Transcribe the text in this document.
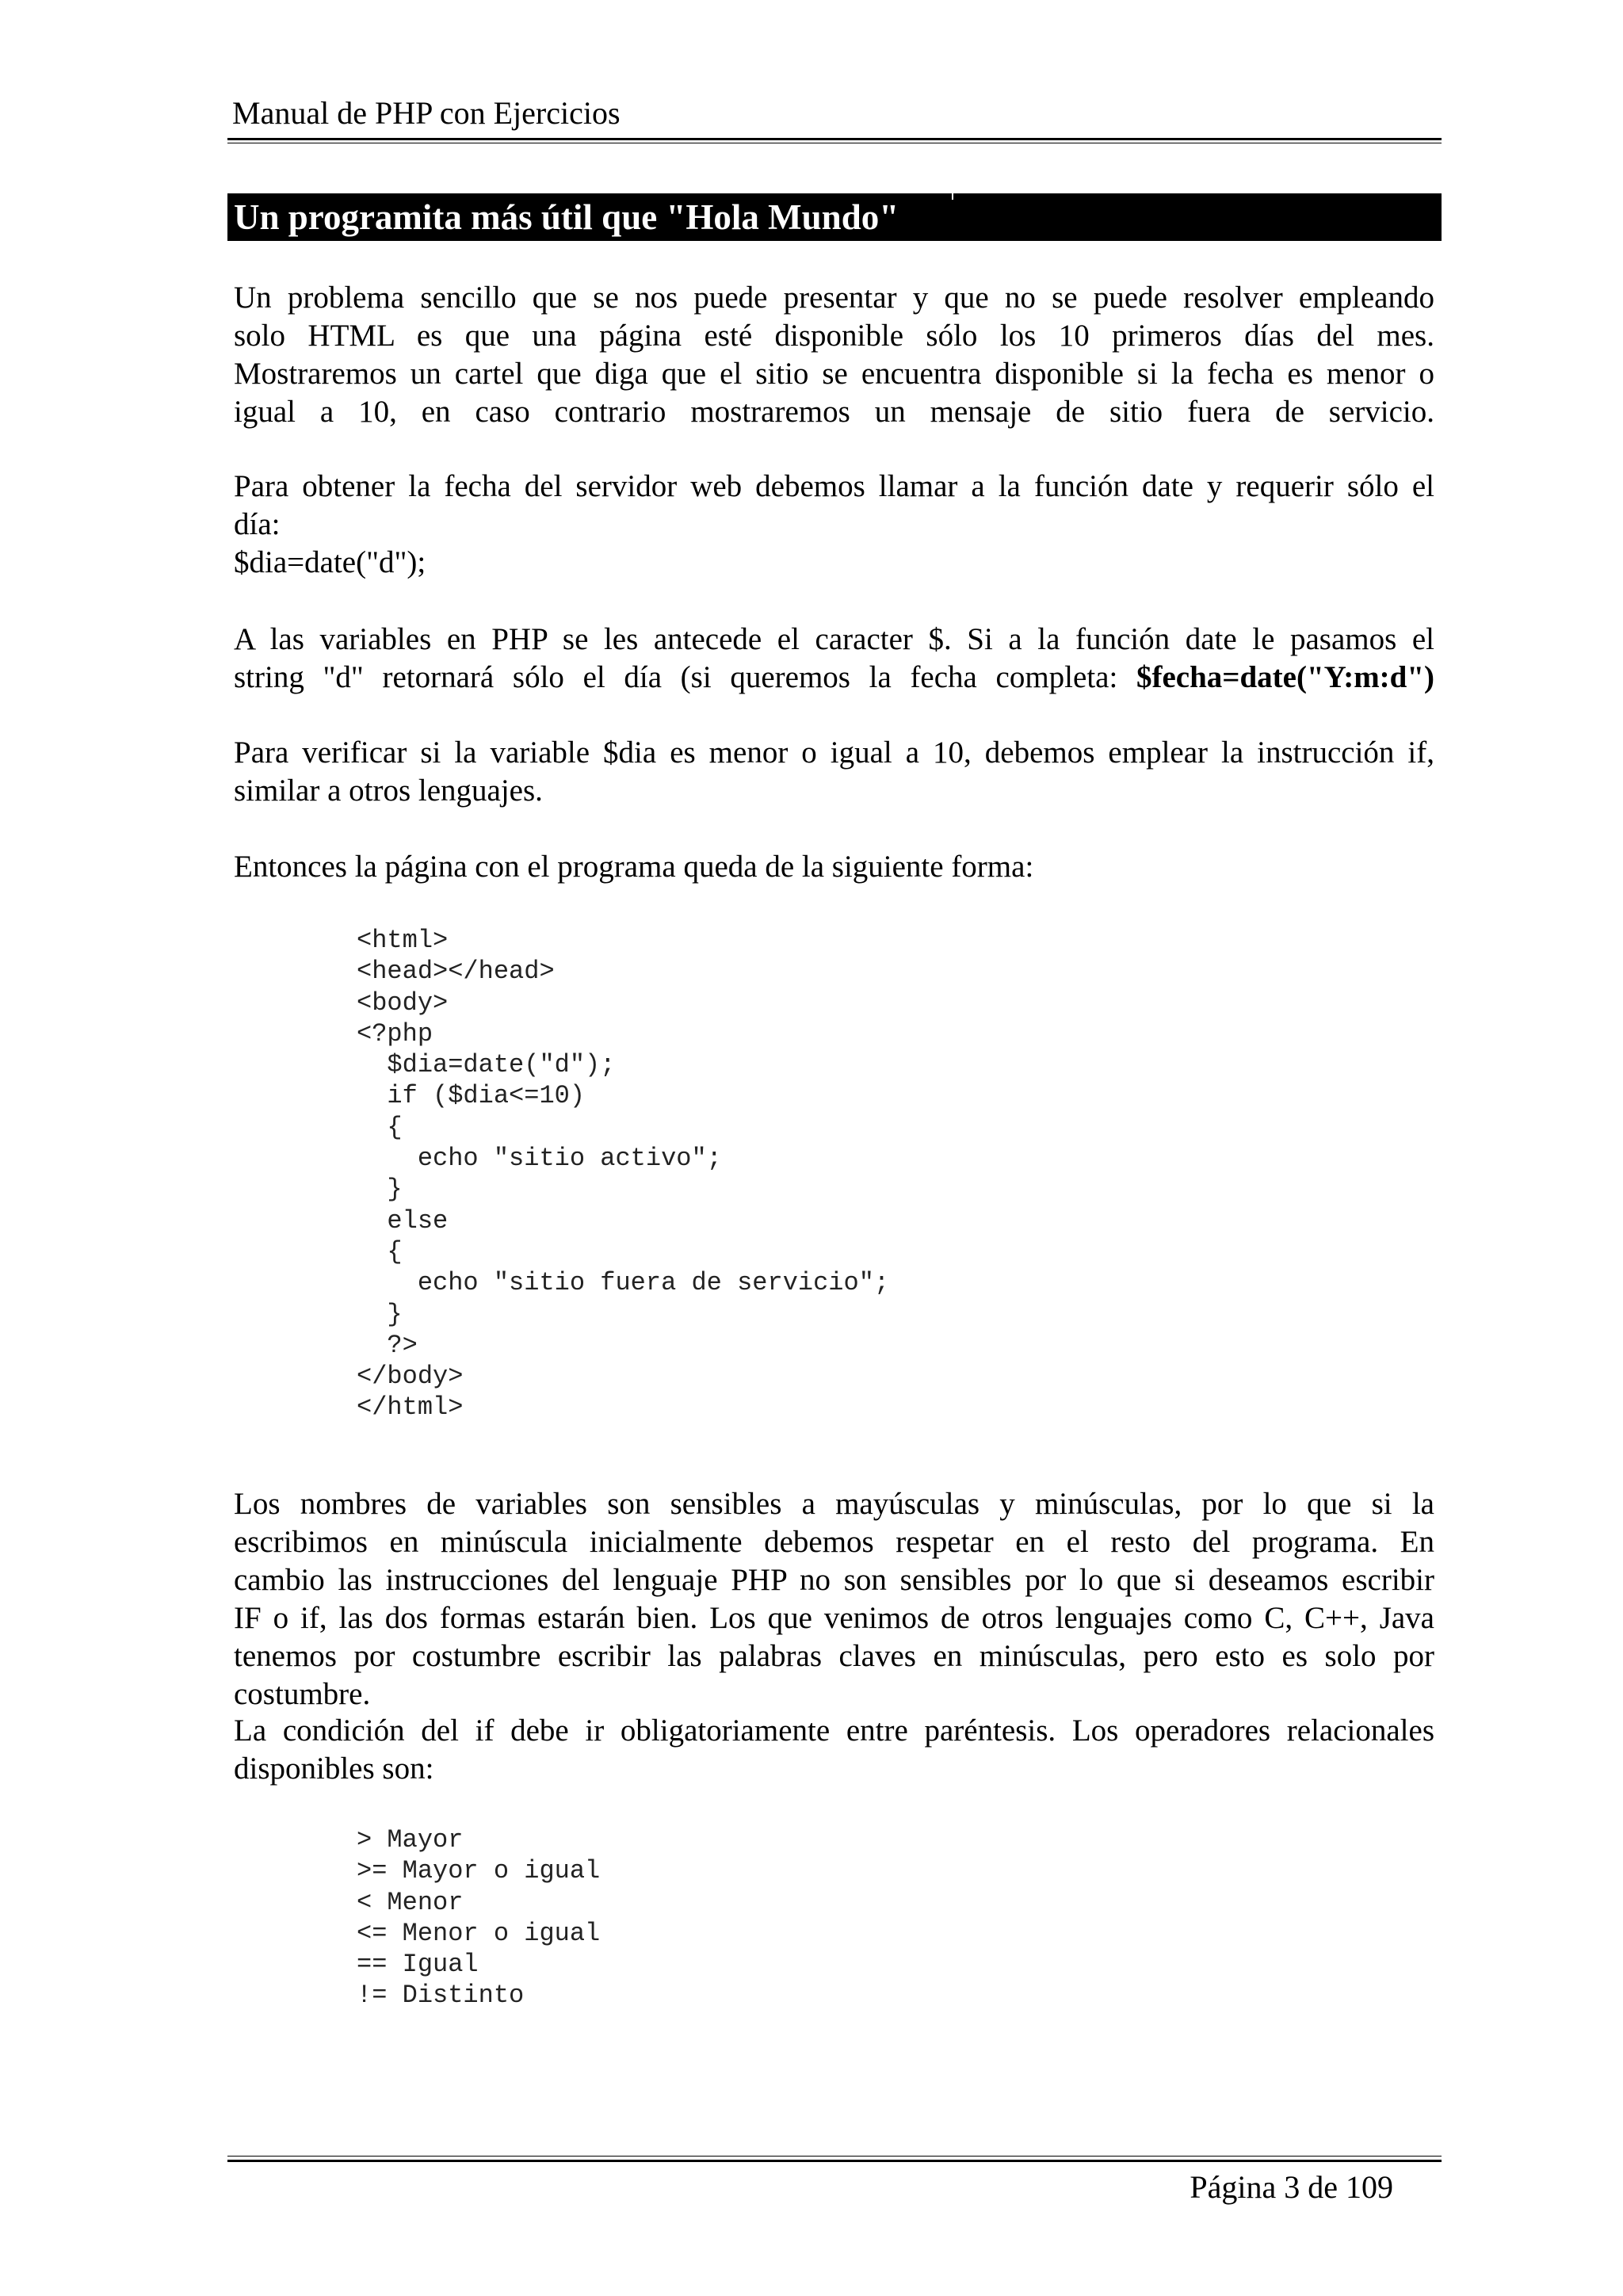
Manual de PHP con Ejercicios
Un programita más útil que "Hola Mundo"
Un problema sencillo que se nos puede presentar y que no se puede resolver empleando
solo HTML es que una página esté disponible sólo los 10 primeros días del mes.
Mostraremos un cartel que diga que el sitio se encuentra disponible si la fecha es menor o
igual a 10, en caso contrario mostraremos un mensaje de sitio fuera de servicio.
Para obtener la fecha del servidor web debemos llamar a la función date y requerir sólo el
día:
$dia=date("d");
A las variables en PHP se les antecede el caracter $. Si a la función date le pasamos el
string "d" retornará sólo el día (si queremos la fecha completa: $fecha=date("Y:m:d")
Para verificar si la variable $dia es menor o igual a 10, debemos emplear la instrucción if,
similar a otros lenguajes.
Entonces la página con el programa queda de la siguiente forma:
<html>
<head></head>
<body>
<?php
$dia=date("d");
if ($dia<=10)
{
echo "sitio activo";
}
else
{
echo "sitio fuera de servicio";
}
?>
</body>
</html>
Los nombres de variables son sensibles a mayúsculas y minúsculas, por lo que si la
escribimos en minúscula inicialmente debemos respetar en el resto del programa. En
cambio las instrucciones del lenguaje PHP no son sensibles por lo que si deseamos escribir
IF o if, las dos formas estarán bien. Los que venimos de otros lenguajes como C, C++, Java
tenemos por costumbre escribir las palabras claves en minúsculas, pero esto es solo por
costumbre.
La condición del if debe ir obligatoriamente entre paréntesis. Los operadores relacionales
disponibles son:
> Mayor
>= Mayor o igual
< Menor
<= Menor o igual
== Igual
!= Distinto
Página 3 de 109
